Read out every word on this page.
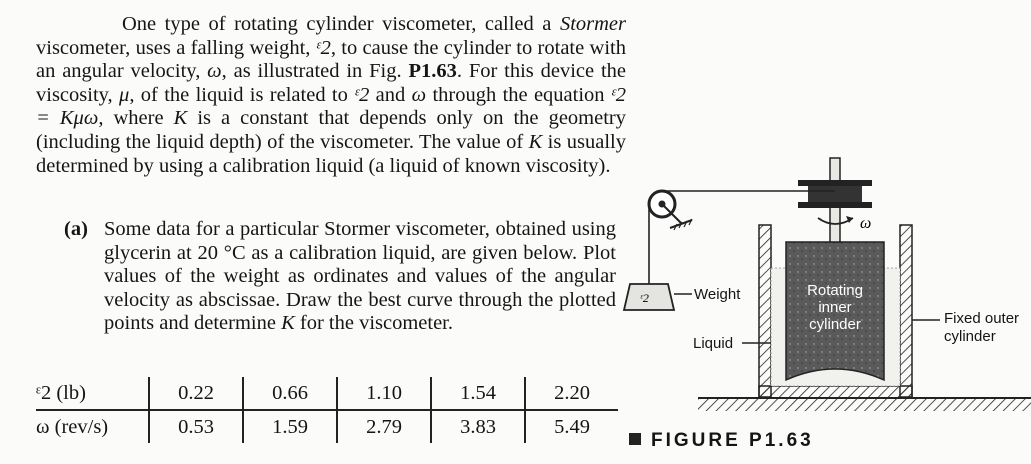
One type of rotating cylinder viscometer, called a Stormer viscometer, uses a falling weight, ᵋ2, to cause the cylinder to rotate with an angular velocity, ω, as illustrated in Fig. P1.63. For this device the viscosity, μ, of the liquid is related to ᵋ2 and ω through the equation ᵋ2 = Kμω, where K is a constant that depends only on the geometry (including the liquid depth) of the viscometer. The value of K is usually determined by using a calibration liquid (a liquid of known viscosity).

(a) Some data for a particular Stormer viscometer, obtained using glycerin at 20 °C as a calibration liquid, are given below. Plot values of the weight as ordinates and values of the angular velocity as abscissae. Draw the best curve through the plotted points and determine K for the viscometer.

ᵋ2 (lb)	0.22	0.66	1.10	1.54	2.20
ω (rev/s)	0.53	1.59	2.79	3.83	5.49
ω
ᵋ2	Weight
Liquid
Fixed outer
cylinder
Rotating
inner
cylinder
FIGURE P1.63
